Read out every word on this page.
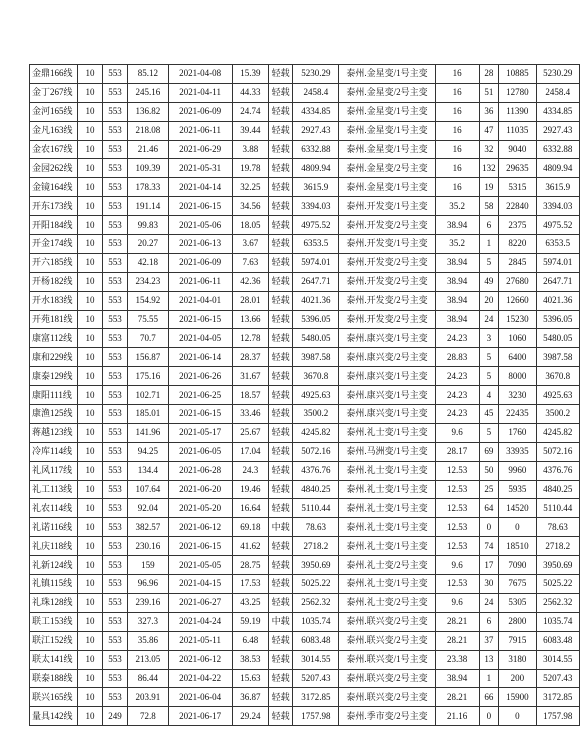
金鼎166线	10	553	85.12	2021-04-08	15.39	轻载	5230.29	泰州.金星变/1号主变	16	28	10885	5230.29
金丁267线	10	553	245.16	2021-04-11	44.33	轻载	2458.4	泰州.金星变/2号主变	16	51	12780	2458.4
金河165线	10	553	136.82	2021-06-09	24.74	轻载	4334.85	泰州.金星变/1号主变	16	36	11390	4334.85
金凡163线	10	553	218.08	2021-06-11	39.44	轻载	2927.43	泰州.金星变/1号主变	16	47	11035	2927.43
金农167线	10	553	21.46	2021-06-29	3.88	轻载	6332.88	泰州.金星变/1号主变	16	32	9040	6332.88
金园262线	10	553	109.39	2021-05-31	19.78	轻载	4809.94	泰州.金星变/2号主变	16	132	29635	4809.94
金镜164线	10	553	178.33	2021-04-14	32.25	轻载	3615.9	泰州.金星变/1号主变	16	19	5315	3615.9
开东173线	10	553	191.14	2021-06-15	34.56	轻载	3394.03	泰州.开发变/1号主变	35.2	58	22840	3394.03
开阳184线	10	553	99.83	2021-05-06	18.05	轻载	4975.52	泰州.开发变/2号主变	38.94	6	2375	4975.52
开金174线	10	553	20.27	2021-06-13	3.67	轻载	6353.5	泰州.开发变/1号主变	35.2	1	8220	6353.5
开六185线	10	553	42.18	2021-06-09	7.63	轻载	5974.01	泰州.开发变/2号主变	38.94	5	2845	5974.01
开杨182线	10	553	234.23	2021-06-11	42.36	轻载	2647.71	泰州.开发变/2号主变	38.94	49	27680	2647.71
开水183线	10	553	154.92	2021-04-01	28.01	轻载	4021.36	泰州.开发变/2号主变	38.94	20	12660	4021.36
开苑181线	10	553	75.55	2021-06-15	13.66	轻载	5396.05	泰州.开发变/2号主变	38.94	24	15230	5396.05
康富112线	10	553	70.7	2021-04-05	12.78	轻载	5480.05	泰州.康兴变/1号主变	24.23	3	1060	5480.05
康和229线	10	553	156.87	2021-06-14	28.37	轻载	3987.58	泰州.康兴变/2号主变	28.83	5	6400	3987.58
康泰129线	10	553	175.16	2021-06-26	31.67	轻载	3670.8	泰州.康兴变/1号主变	24.23	5	8000	3670.8
康阳111线	10	553	102.71	2021-06-25	18.57	轻载	4925.63	泰州.康兴变/1号主变	24.23	4	3230	4925.63
康渔125线	10	553	185.01	2021-06-15	33.46	轻载	3500.2	泰州.康兴变/1号主变	24.23	45	22435	3500.2
蒋越123线	10	553	141.96	2021-05-17	25.67	轻载	4245.82	泰州.礼士变/1号主变	9.6	5	1760	4245.82
冷库114线	10	553	94.25	2021-06-05	17.04	轻载	5072.16	泰州.马洲变/1号主变	28.17	69	33935	5072.16
礼风117线	10	553	134.4	2021-06-28	24.3	轻载	4376.76	泰州.礼士变/1号主变	12.53	50	9960	4376.76
礼工113线	10	553	107.64	2021-06-20	19.46	轻载	4840.25	泰州.礼士变/1号主变	12.53	25	5935	4840.25
礼农114线	10	553	92.04	2021-05-20	16.64	轻载	5110.44	泰州.礼士变/1号主变	12.53	64	14520	5110.44
礼诺116线	10	553	382.57	2021-06-12	69.18	中载	78.63	泰州.礼士变/1号主变	12.53	0	0	78.63
礼庆118线	10	553	230.16	2021-06-15	41.62	轻载	2718.2	泰州.礼士变/1号主变	12.53	74	18510	2718.2
礼新124线	10	553	159	2021-05-05	28.75	轻载	3950.69	泰州.礼士变/2号主变	9.6	17	7090	3950.69
礼镇115线	10	553	96.96	2021-04-15	17.53	轻载	5025.22	泰州.礼士变/1号主变	12.53	30	7675	5025.22
礼珠128线	10	553	239.16	2021-06-27	43.25	轻载	2562.32	泰州.礼士变/2号主变	9.6	24	5305	2562.32
联工153线	10	553	327.3	2021-04-24	59.19	中载	1035.74	泰州.联兴变/2号主变	28.21	6	2800	1035.74
联江152线	10	553	35.86	2021-05-11	6.48	轻载	6083.48	泰州.联兴变/2号主变	28.21	37	7915	6083.48
联太141线	10	553	213.05	2021-06-12	38.53	轻载	3014.55	泰州.联兴变/1号主变	23.38	13	3180	3014.55
联泰188线	10	553	86.44	2021-04-22	15.63	轻载	5207.43	泰州.联兴变/2号主变	38.94	1	200	5207.43
联兴165线	10	553	203.91	2021-06-04	36.87	轻载	3172.85	泰州.联兴变/2号主变	28.21	66	15900	3172.85
量具142线	10	249	72.8	2021-06-17	29.24	轻载	1757.98	泰州.季市变/2号主变	21.16	0	0	1757.98
